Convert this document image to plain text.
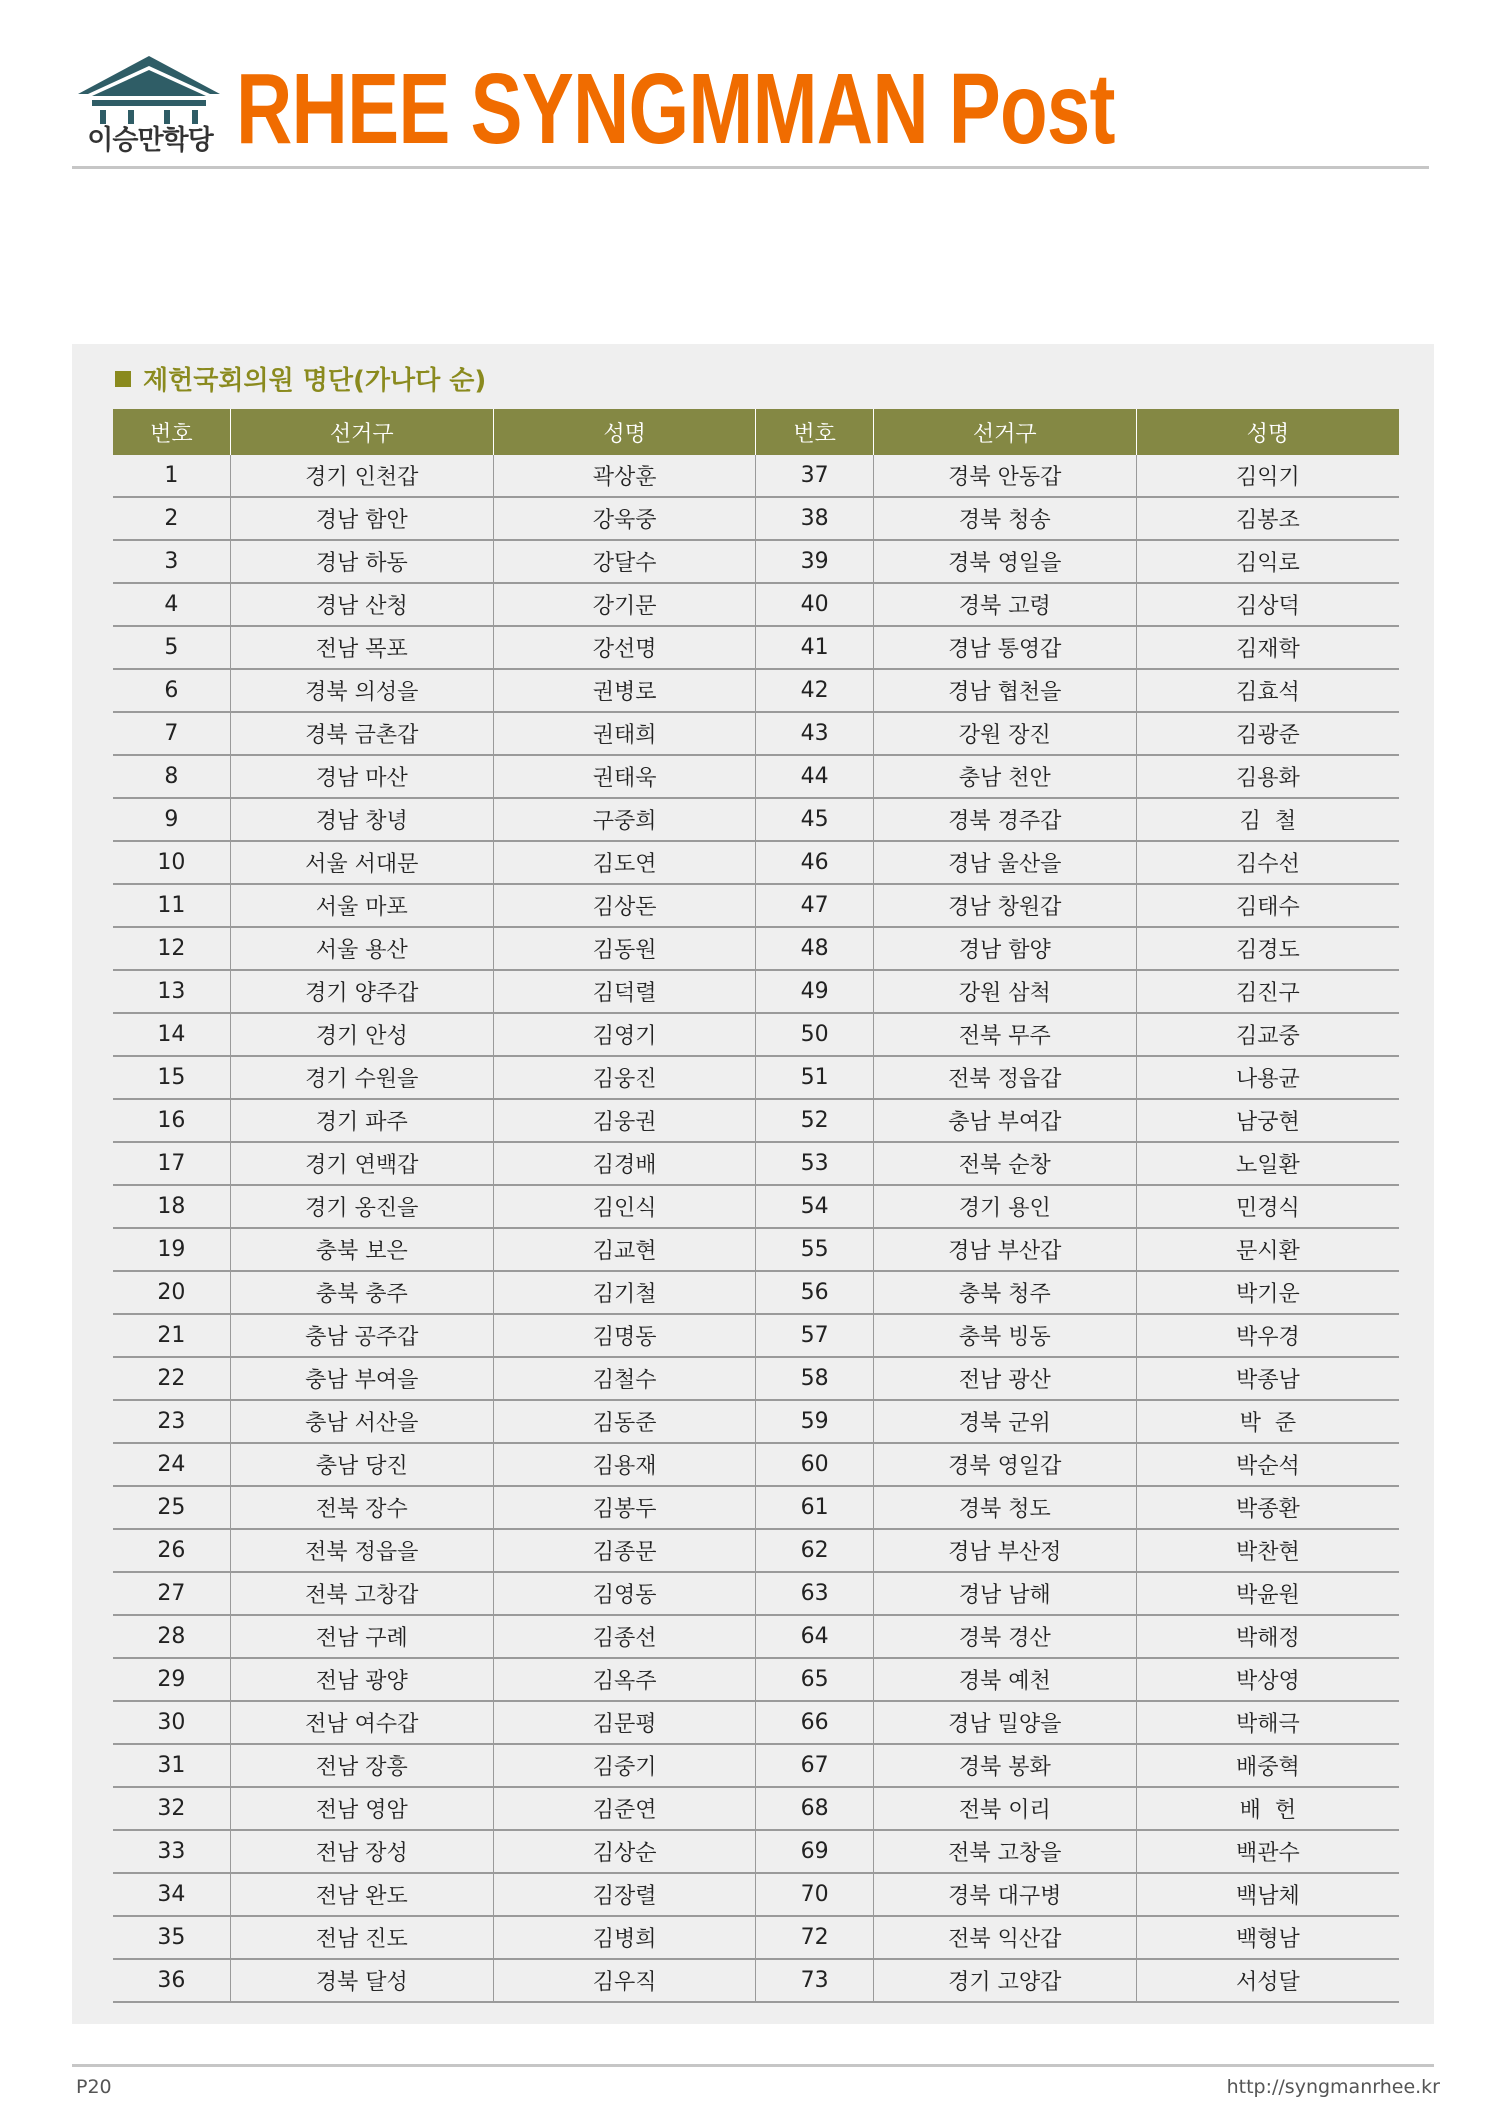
이승만학당 RHEE SYNGMMAN Post
제헌국회의원 명단(가나다 순)
번호	선거구	성명	번호	선거구	성명
1	경기 인천갑	곽상훈	37	경북 안동갑	김익기
2	경남 함안	강욱중	38	경북 청송	김봉조
3	경남 하동	강달수	39	경북 영일을	김익로
4	경남 산청	강기문	40	경북 고령	김상덕
5	전남 목포	강선명	41	경남 통영갑	김재학
6	경북 의성을	권병로	42	경남 협천을	김효석
7	경북 금촌갑	권태희	43	강원 장진	김광준
8	경남 마산	권태욱	44	충남 천안	김용화
9	경남 창녕	구중희	45	경북 경주갑	김  철
10	서울 서대문	김도연	46	경남 울산을	김수선
11	서울 마포	김상돈	47	경남 창원갑	김태수
12	서울 용산	김동원	48	경남 함양	김경도
13	경기 양주갑	김덕렬	49	강원 삼척	김진구
14	경기 안성	김영기	50	전북 무주	김교중
15	경기 수원을	김웅진	51	전북 정읍갑	나용균
16	경기 파주	김웅권	52	충남 부여갑	남궁현
17	경기 연백갑	김경배	53	전북 순창	노일환
18	경기 옹진을	김인식	54	경기 용인	민경식
19	충북 보은	김교현	55	경남 부산갑	문시환
20	충북 충주	김기철	56	충북 청주	박기운
21	충남 공주갑	김명동	57	충북 빙동	박우경
22	충남 부여을	김철수	58	전남 광산	박종남
23	충남 서산을	김동준	59	경북 군위	박  준
24	충남 당진	김용재	60	경북 영일갑	박순석
25	전북 장수	김봉두	61	경북 청도	박종환
26	전북 정읍을	김종문	62	경남 부산정	박찬현
27	전북 고창갑	김영동	63	경남 남해	박윤원
28	전남 구례	김종선	64	경북 경산	박해정
29	전남 광양	김옥주	65	경북 예천	박상영
30	전남 여수갑	김문평	66	경남 밀양을	박해극
31	전남 장흥	김중기	67	경북 봉화	배중혁
32	전남 영암	김준연	68	전북 이리	배  헌
33	전남 장성	김상순	69	전북 고창을	백관수
34	전남 완도	김장렬	70	경북 대구병	백남체
35	전남 진도	김병희	72	전북 익산갑	백형남
36	경북 달성	김우직	73	경기 고양갑	서성달
P20	http://syngmanrhee.kr
